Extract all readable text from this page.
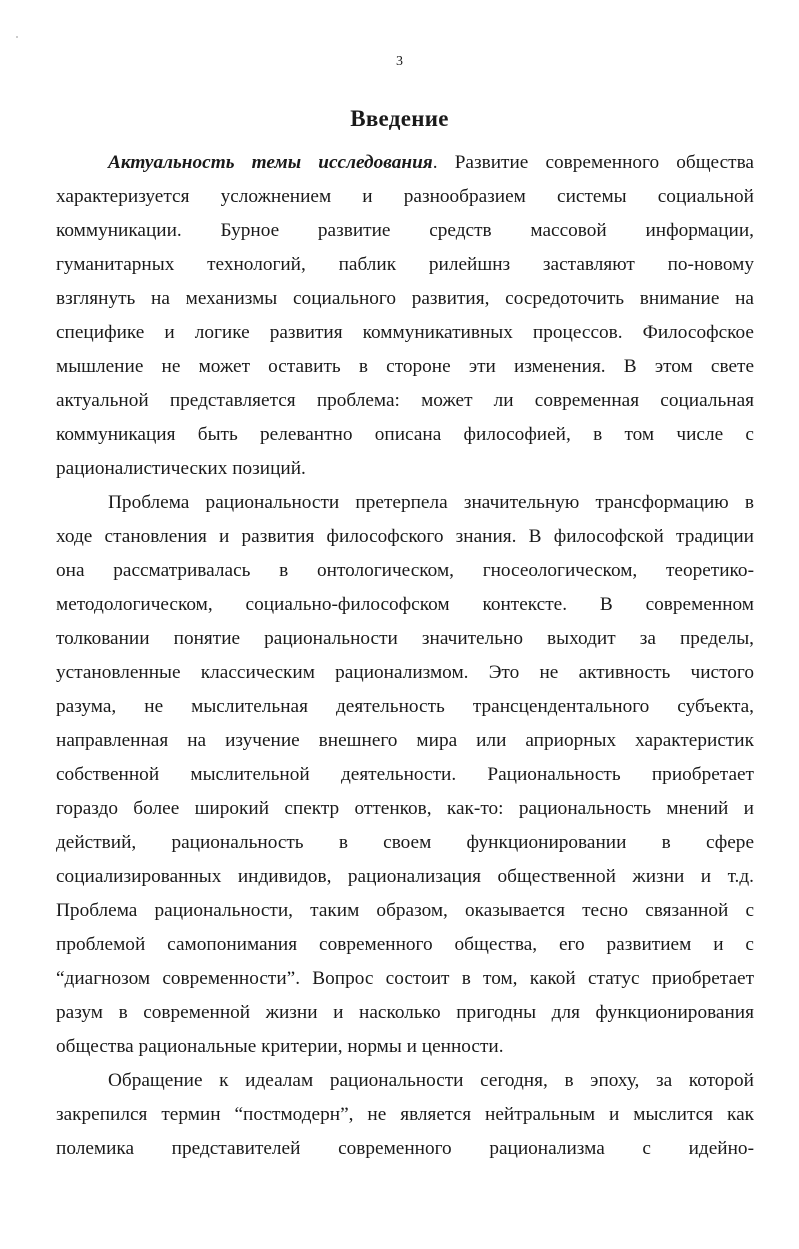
3
Введение
Актуальность темы исследования. Развитие современного общества
характеризуется усложнением и разнообразием системы социальной
коммуникации. Бурное развитие средств массовой информации,
гуманитарных технологий, паблик рилейшнз заставляют по-новому
взглянуть на механизмы социального развития, сосредоточить внимание на
специфике и логике развития коммуникативных процессов. Философское
мышление не может оставить в стороне эти изменения. В этом свете
актуальной представляется проблема: может ли современная социальная
коммуникация быть релевантно описана философией, в том числе с
рационалистических позиций.
Проблема рациональности претерпела значительную трансформацию в
ходе становления и развития философского знания. В философской традиции
она рассматривалась в онтологическом, гносеологическом, теоретико-
методологическом, социально-философском контексте. В современном
толковании понятие рациональности значительно выходит за пределы,
установленные классическим рационализмом. Это не активность чистого
разума, не мыслительная деятельность трансцендентального субъекта,
направленная на изучение внешнего мира или априорных характеристик
собственной мыслительной деятельности. Рациональность приобретает
гораздо более широкий спектр оттенков, как-то: рациональность мнений и
действий, рациональность в своем функционировании в сфере
социализированных индивидов, рационализация общественной жизни и т.д.
Проблема рациональности, таким образом, оказывается тесно связанной с
проблемой самопонимания современного общества, его развитием и с
“диагнозом современности”. Вопрос состоит в том, какой статус приобретает
разум в современной жизни и насколько пригодны для функционирования
общества рациональные критерии, нормы и ценности.
Обращение к идеалам рациональности сегодня, в эпоху, за которой
закрепился термин “постмодерн”, не является нейтральным и мыслится как
полемика представителей современного рационализма с идейно-
